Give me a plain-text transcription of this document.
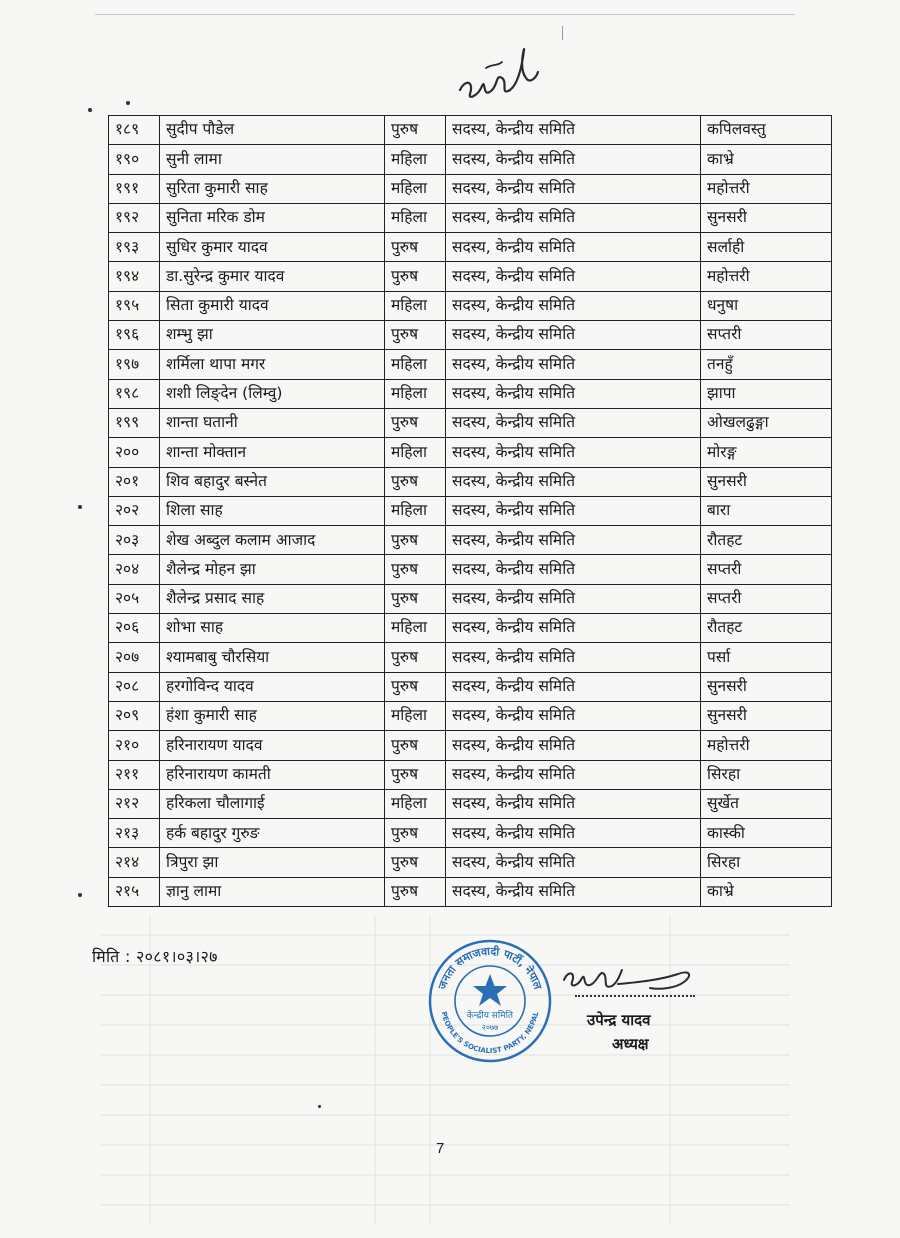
१८९	सुदीप पौडेल	पुरुष	सदस्य, केन्द्रीय समिति	कपिलवस्तु
१९०	सुनी लामा	महिला	सदस्य, केन्द्रीय समिति	काभ्रे
१९१	सुरिता कुमारी साह	महिला	सदस्य, केन्द्रीय समिति	महोत्तरी
१९२	सुनिता मरिक डोम	महिला	सदस्य, केन्द्रीय समिति	सुनसरी
१९३	सुधिर कुमार यादव	पुरुष	सदस्य, केन्द्रीय समिति	सर्लाही
१९४	डा.सुरेन्द्र कुमार यादव	पुरुष	सदस्य, केन्द्रीय समिति	महोत्तरी
१९५	सिता कुमारी यादव	महिला	सदस्य, केन्द्रीय समिति	धनुषा
१९६	शम्भु झा	पुरुष	सदस्य, केन्द्रीय समिति	सप्तरी
१९७	शर्मिला थापा मगर	महिला	सदस्य, केन्द्रीय समिति	तनहुँ
१९८	शशी लिङ्देन (लिम्वु)	महिला	सदस्य, केन्द्रीय समिति	झापा
१९९	शान्ता घतानी	पुरुष	सदस्य, केन्द्रीय समिति	ओखलढुङ्गा
२००	शान्ता मोक्तान	महिला	सदस्य, केन्द्रीय समिति	मोरङ्ग
२०१	शिव बहादुर बस्नेत	पुरुष	सदस्य, केन्द्रीय समिति	सुनसरी
२०२	शिला साह	महिला	सदस्य, केन्द्रीय समिति	बारा
२०३	शेख अब्दुल कलाम आजाद	पुरुष	सदस्य, केन्द्रीय समिति	रौतहट
२०४	शैलेन्द्र मोहन झा	पुरुष	सदस्य, केन्द्रीय समिति	सप्तरी
२०५	शैलेन्द्र प्रसाद साह	पुरुष	सदस्य, केन्द्रीय समिति	सप्तरी
२०६	शोभा साह	महिला	सदस्य, केन्द्रीय समिति	रौतहट
२०७	श्यामबाबु चौरसिया	पुरुष	सदस्य, केन्द्रीय समिति	पर्सा
२०८	हरगोविन्द यादव	पुरुष	सदस्य, केन्द्रीय समिति	सुनसरी
२०९	हंशा कुमारी साह	महिला	सदस्य, केन्द्रीय समिति	सुनसरी
२१०	हरिनारायण यादव	पुरुष	सदस्य, केन्द्रीय समिति	महोत्तरी
२११	हरिनारायण कामती	पुरुष	सदस्य, केन्द्रीय समिति	सिरहा
२१२	हरिकला चौलागाई	महिला	सदस्य, केन्द्रीय समिति	सुर्खेत
२१३	हर्क बहादुर गुरुङ	पुरुष	सदस्य, केन्द्रीय समिति	कास्की
२१४	त्रिपुरा झा	पुरुष	सदस्य, केन्द्रीय समिति	सिरहा
२१५	ज्ञानु लामा	पुरुष	सदस्य, केन्द्रीय समिति	काभ्रे
मिति : २०८१।०३।२७
जनता समाजवादी पार्टी, नेपाल
PEOPLE'S SOCIALIST PARTY, NEPAL
केन्द्रीय समिति
२०७७	उपेन्द्र यादव
अध्यक्ष
7
